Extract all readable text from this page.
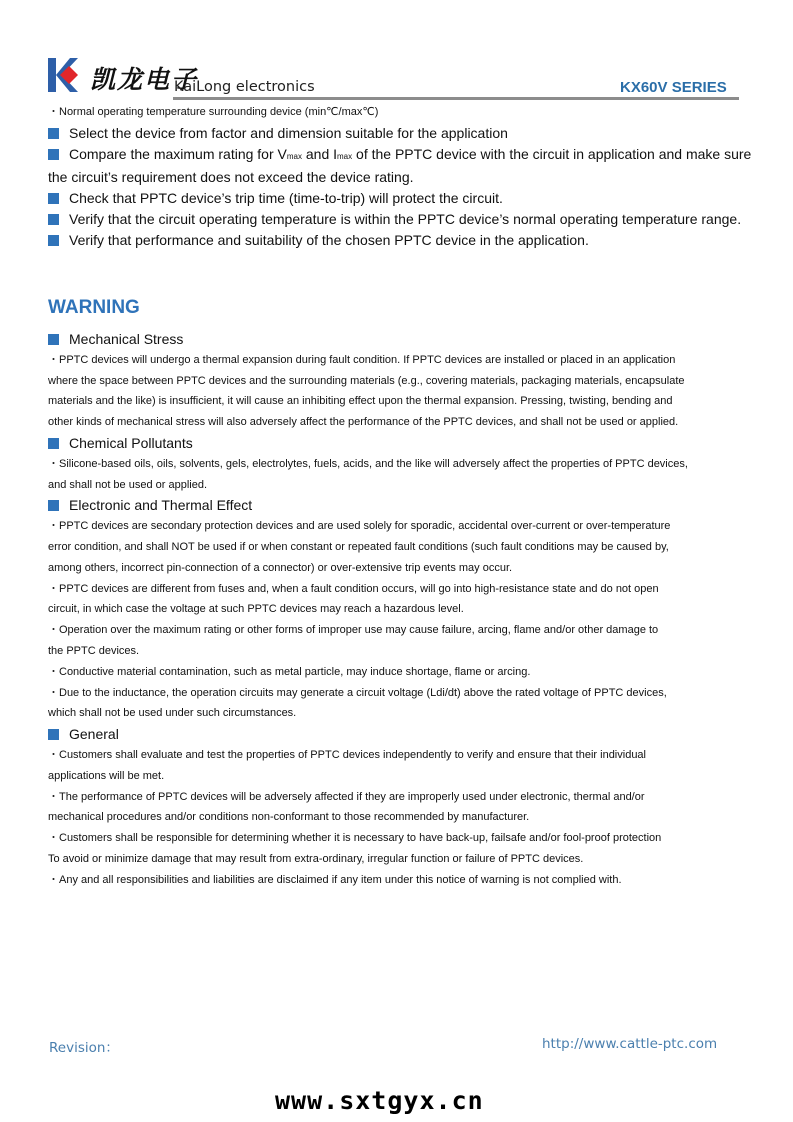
凯龙电子
KaiLong electronics	KX60V SERIES
・Normal operating temperature surrounding device (min℃/max℃)
Select the device from factor and dimension suitable for the application
Compare the maximum rating for Vmax and Imax of the PPTC device with the circuit in application and make sure
the circuit’s requirement does not exceed the device rating.
Check that PPTC device’s trip time (time-to-trip) will protect the circuit.
Verify that the circuit operating temperature is within the PPTC device’s normal operating temperature range.
Verify that performance and suitability of the chosen PPTC device in the application.
WARNING
Mechanical Stress
・PPTC devices will undergo a thermal expansion during fault condition. If PPTC devices are installed or placed in an application
where the space between PPTC devices and the surrounding materials (e.g., covering materials, packaging materials, encapsulate
materials and the like) is insufficient, it will cause an inhibiting effect upon the thermal expansion. Pressing, twisting, bending and
other kinds of mechanical stress will also adversely affect the performance of the PPTC devices, and shall not be used or applied.
Chemical Pollutants
・Silicone-based oils, oils, solvents, gels, electrolytes, fuels, acids, and the like will adversely affect the properties of PPTC devices,
and shall not be used or applied.
Electronic and Thermal Effect
・PPTC devices are secondary protection devices and are used solely for sporadic, accidental over-current or over-temperature
error condition, and shall NOT be used if or when constant or repeated fault conditions (such fault conditions may be caused by,
among others, incorrect pin-connection of a connector) or over-extensive trip events may occur.
・PPTC devices are different from fuses and, when a fault condition occurs, will go into high-resistance state and do not open
circuit, in which case the voltage at such PPTC devices may reach a hazardous level.
・Operation over the maximum rating or other forms of improper use may cause failure, arcing, flame and/or other damage to
the PPTC devices.
・Conductive material contamination, such as metal particle, may induce shortage, flame or arcing.
・Due to the inductance, the operation circuits may generate a circuit voltage (Ldi/dt) above the rated voltage of PPTC devices,
which shall not be used under such circumstances.
General
・Customers shall evaluate and test the properties of PPTC devices independently to verify and ensure that their individual
applications will be met.
・The performance of PPTC devices will be adversely affected if they are improperly used under electronic, thermal and/or
mechanical procedures and/or conditions non-conformant to those recommended by manufacturer.
・Customers shall be responsible for determining whether it is necessary to have back-up, failsafe and/or fool-proof protection
To avoid or minimize damage that may result from extra-ordinary, irregular function or failure of PPTC devices.
・Any and all responsibilities and liabilities are disclaimed if any item under this notice of warning is not complied with.
Revision：	http://www.cattle-ptc.com
www.sxtgyx.cn
